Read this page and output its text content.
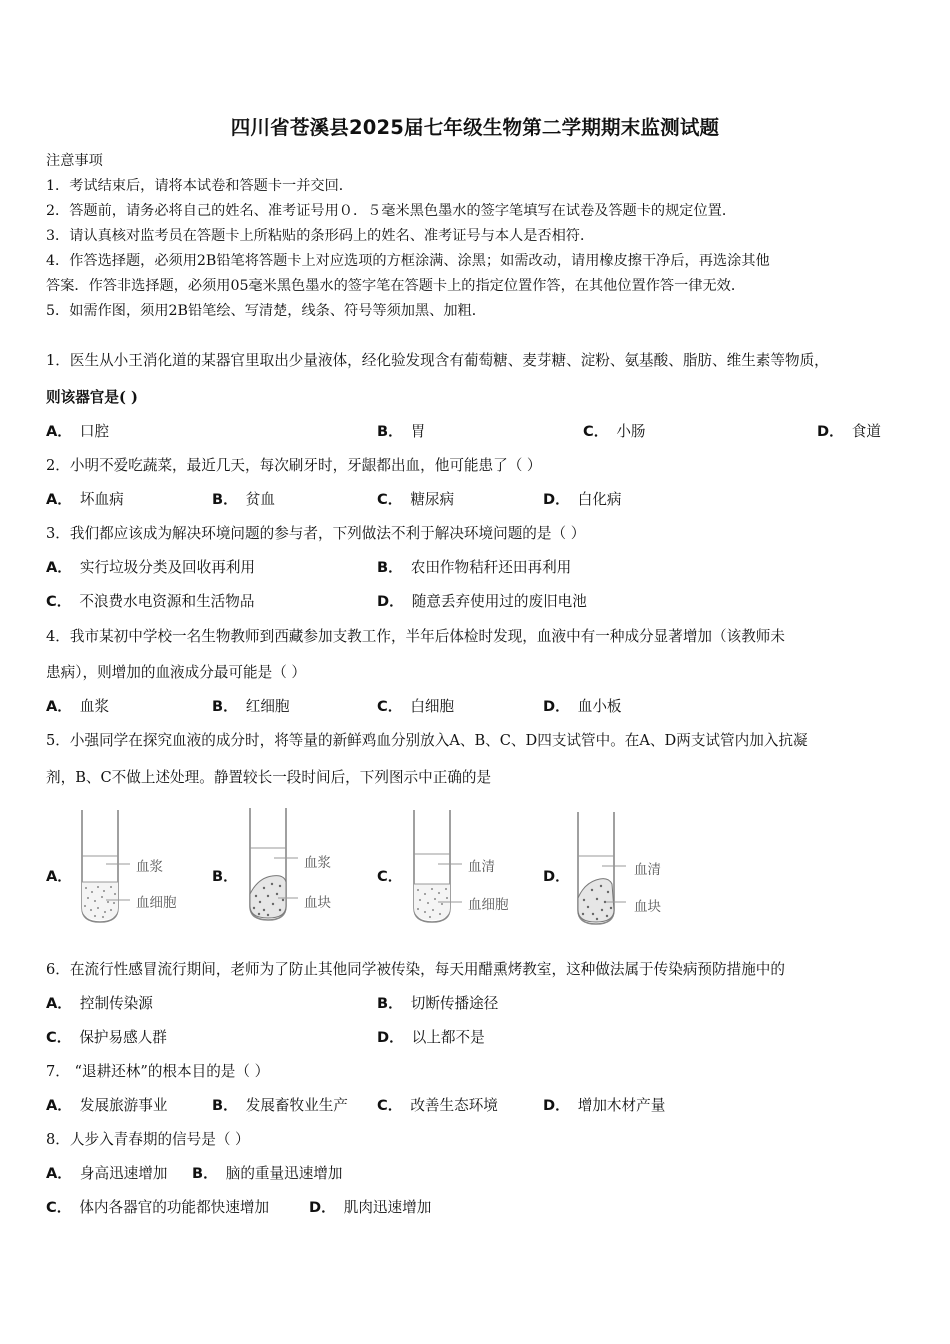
四川省苍溪县2025届七年级生物第二学期期末监测试题
注意事项
1．考试结束后，请将本试卷和答题卡一并交回．
2．答题前，请务必将自己的姓名、准考证号用０．５毫米黑色墨水的签字笔填写在试卷及答题卡的规定位置．
3．请认真核对监考员在答题卡上所粘贴的条形码上的姓名、准考证号与本人是否相符．
4．作答选择题，必须用2B铅笔将答题卡上对应选项的方框涂满、涂黑；如需改动，请用橡皮擦干净后，再选涂其他
答案．作答非选择题，必须用05毫米黑色墨水的签字笔在答题卡上的指定位置作答，在其他位置作答一律无效．
5．如需作图，须用2B铅笔绘、写清楚，线条、符号等须加黑、加粗．
1．医生从小王消化道的某器官里取出少量液体，经化验发现含有葡萄糖、麦芽糖、淀粉、氨基酸、脂肪、维生素等物质，
则该器官是( )
A． 口腔	B． 胃	C． 小肠	D． 食道
2．小明不爱吃蔬菜，最近几天，每次刷牙时，牙龈都出血，他可能患了（ ）
A． 坏血病	B． 贫血	C． 糖尿病	D． 白化病
3．我们都应该成为解决环境问题的参与者，下列做法不利于解决环境问题的是（ ）
A． 实行垃圾分类及回收再利用	B． 农田作物秸秆还田再利用
C． 不浪费水电资源和生活物品	D． 随意丢弃使用过的废旧电池
4．我市某初中学校一名生物教师到西藏参加支教工作，半年后体检时发现，血液中有一种成分显著增加（该教师未
患病），则增加的血液成分最可能是（ ）
A． 血浆	B． 红细胞	C． 白细胞	D． 血小板
5．小强同学在探究血液的成分时，将等量的新鲜鸡血分别放入A、B、C、D四支试管中。在A、D两支试管内加入抗凝
剂，B、C不做上述处理。静置较长一段时间后，下列图示中正确的是
A．
血浆
血细胞
B．
血浆
血块
C．
血清
血细胞
D．	血清
血块
6．在流行性感冒流行期间，老师为了防止其他同学被传染，每天用醋熏烤教室，这种做法属于传染病预防措施中的
A． 控制传染源	B． 切断传播途径
C． 保护易感人群	D． 以上都不是
7． “退耕还林”的根本目的是（ ）
A． 发展旅游事业	B． 发展畜牧业生产 C． 改善生态环境	D． 增加木材产量
8．人步入青春期的信号是（ ）
A． 身高迅速增加 B． 脑的重量迅速增加
C． 体内各器官的功能都快速增加	D． 肌肉迅速增加
